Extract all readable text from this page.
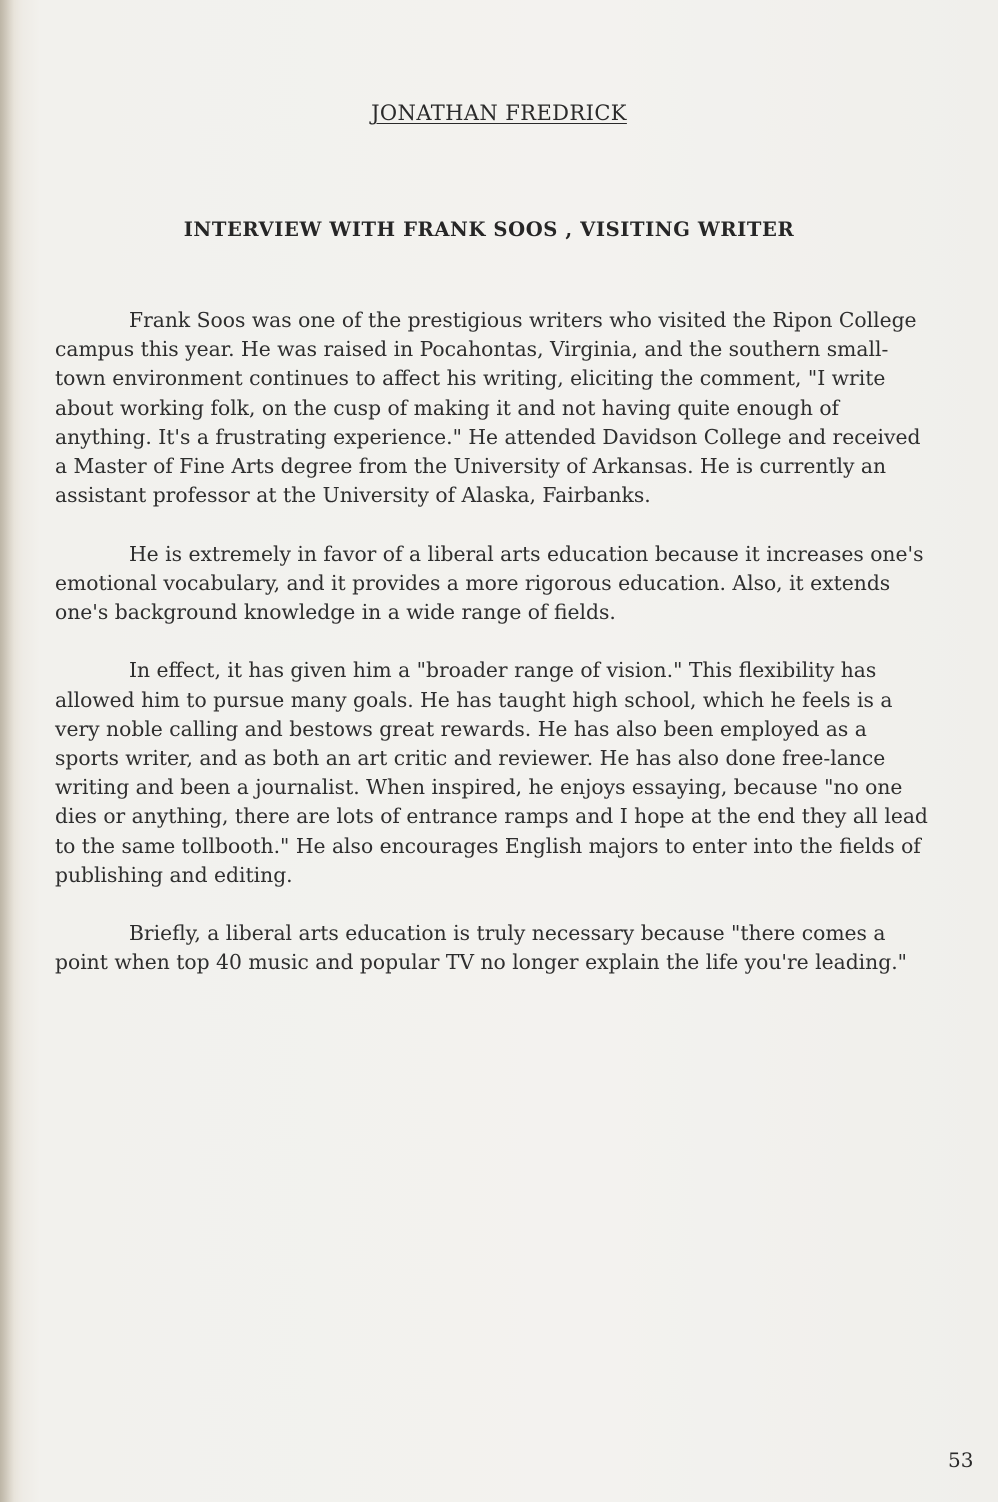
JONATHAN FREDRICK
INTERVIEW WITH FRANK SOOS , VISITING WRITER

Frank Soos was one of the prestigious writers who visited the Ripon College campus this year. He was raised in Pocahontas, Virginia, and the southern small-town environment continues to affect his writing, eliciting the comment, "I write about working folk, on the cusp of making it and not having quite enough of anything. It's a frustrating experience." He attended Davidson College and received a Master of Fine Arts degree from the University of Arkansas. He is currently an assistant professor at the University of Alaska, Fairbanks.

He is extremely in favor of a liberal arts education because it increases one's emotional vocabulary, and it provides a more rigorous education. Also, it extends one's background knowledge in a wide range of fields.

In effect, it has given him a "broader range of vision." This flexibility has allowed him to pursue many goals. He has taught high school, which he feels is a very noble calling and bestows great rewards. He has also been employed as a sports writer, and as both an art critic and reviewer. He has also done free-lance writing and been a journalist. When inspired, he enjoys essaying, because "no one dies or anything, there are lots of entrance ramps and I hope at the end they all lead to the same tollbooth." He also encourages English majors to enter into the fields of publishing and editing.

Briefly, a liberal arts education is truly necessary because "there comes a point when top 40 music and popular TV no longer explain the life you're leading."

53
